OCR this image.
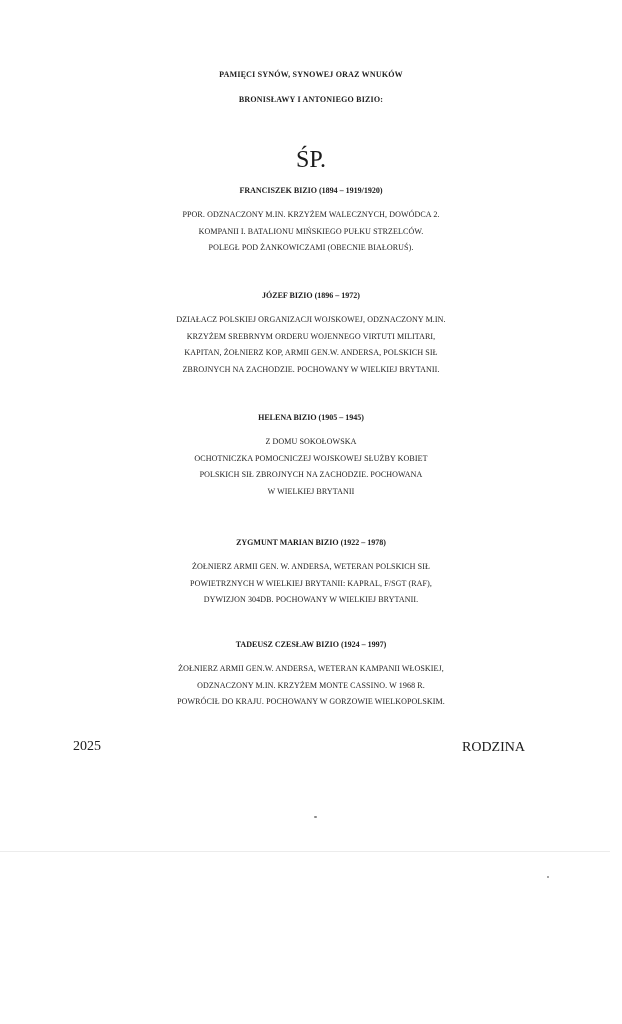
PAMIĘCI SYNÓW, SYNOWEJ ORAZ WNUKÓW
BRONISŁAWY I ANTONIEGO BIZIO:
ŚP.
FRANCISZEK BIZIO (1894 – 1919/1920)
PPOR. ODZNACZONY M.IN. KRZYŻEM WALECZNYCH, DOWÓDCA 2.
KOMPANII I. BATALIONU MIŃSKIEGO PUŁKU STRZELCÓW.
POLEGŁ POD ŻANKOWICZAMI (OBECNIE BIAŁORUŚ).
JÓZEF BIZIO (1896 – 1972)
DZIAŁACZ POLSKIEJ ORGANIZACJI WOJSKOWEJ, ODZNACZONY M.IN.
KRZYŻEM SREBRNYM ORDERU WOJENNEGO VIRTUTI MILITARI,
KAPITAN, ŻOŁNIERZ KOP, ARMII GEN.W. ANDERSA, POLSKICH SIŁ
ZBROJNYCH NA ZACHODZIE. POCHOWANY W WIELKIEJ BRYTANII.
HELENA BIZIO (1905 – 1945)
Z DOMU SOKOŁOWSKA
OCHOTNICZKA POMOCNICZEJ WOJSKOWEJ SŁUŻBY KOBIET
POLSKICH SIŁ ZBROJNYCH NA ZACHODZIE. POCHOWANA
W WIELKIEJ BRYTANII
ZYGMUNT MARIAN BIZIO (1922 – 1978)
ŻOŁNIERZ ARMII GEN. W. ANDERSA, WETERAN POLSKICH SIŁ
POWIETRZNYCH W WIELKIEJ BRYTANII: KAPRAL, F/SGT (RAF),
DYWIZJON 304DB. POCHOWANY W WIELKIEJ BRYTANII.
TADEUSZ CZESŁAW BIZIO (1924 – 1997)
ŻOŁNIERZ ARMII GEN.W. ANDERSA, WETERAN KAMPANII WŁOSKIEJ,
ODZNACZONY M.IN. KRZYŻEM MONTE CASSINO. W 1968 R.
POWRÓCIŁ DO KRAJU. POCHOWANY W GORZOWIE WIELKOPOLSKIM.
2025	RODZINA
